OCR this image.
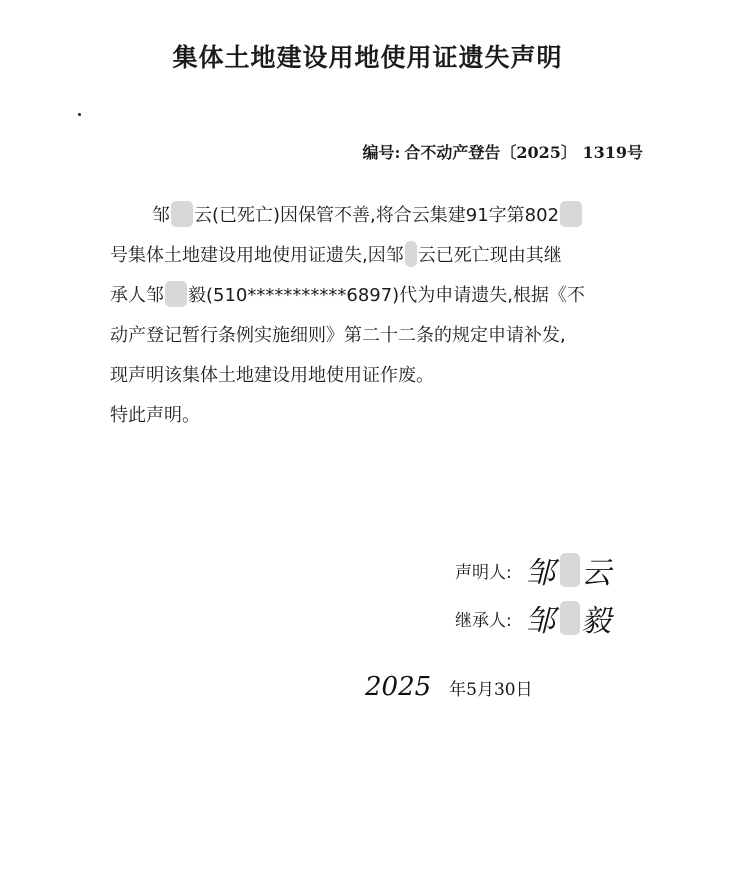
集体土地建设用地使用证遗失声明
编号: 合不动产登告〔2025〕 1319号

邹 云(已死亡)因保管不善,将合云集建91字第802

号集体土地建设用地使用证遗失,因邹 云已死亡现由其继

承人邹 毅(510***********6897)代为申请遗失,根据《不

动产登记暂行条例实施细则》第二十二条的规定申请补发,

现声明该集体土地建设用地使用证作废。

特此声明。

声明人: 邹 云
继承人: 邹 毅
2025 年5月30日
